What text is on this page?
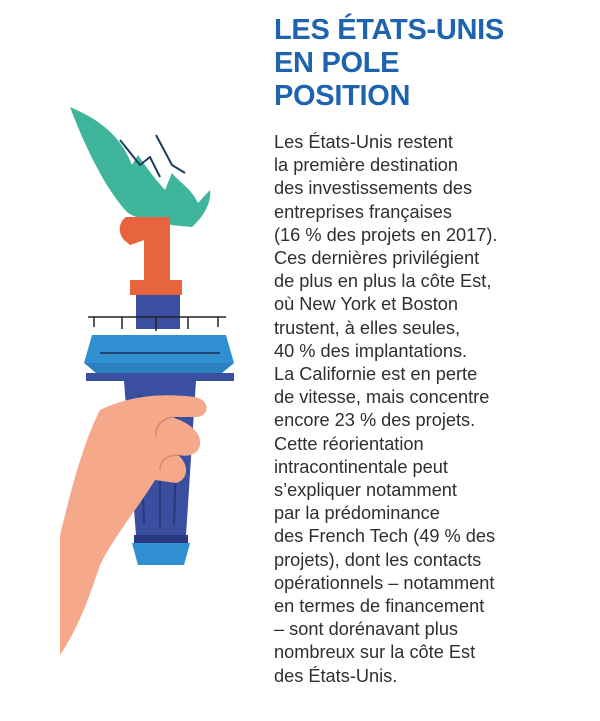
LES ÉTATS-UNIS
EN POLE
POSITION
Les États-Unis restent
la première destination
des investissements des
entreprises françaises
(16 % des projets en 2017).
Ces dernières privilégient
de plus en plus la côte Est,
où New York et Boston
trustent, à elles seules,
40 % des implantations.
La Californie est en perte
de vitesse, mais concentre
encore 23 % des projets.
Cette réorientation
intracontinentale peut
s’expliquer notamment
par la prédominance
des French Tech (49 % des
projets), dont les contacts
opérationnels – notamment
en termes de financement
– sont dorénavant plus
nombreux sur la côte Est
des États-Unis.
